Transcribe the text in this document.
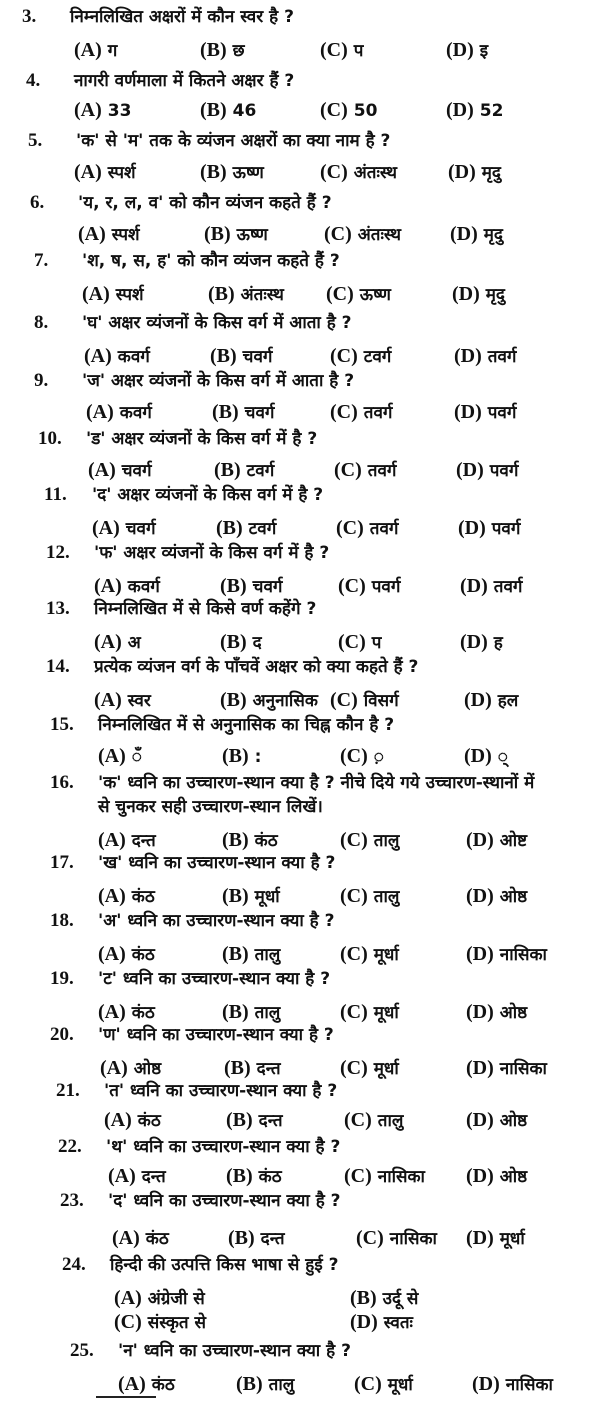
3. निम्नलिखित अक्षरों में कौन स्वर है ?
(A) ग	(B) छ	(C) प	(D) इ
4. नागरी वर्णमाला में कितने अक्षर हैं ?
(A) 33	(B) 46	(C) 50	(D) 52
5. 'क' से 'म' तक के व्यंजन अक्षरों का क्या नाम है ?
(A) स्पर्श	(B) ऊष्ण	(C) अंतःस्थ	(D) मृदु
6. 'य, र, ल, व' को कौन व्यंजन कहते हैं ?
(A) स्पर्श	(B) ऊष्ण	(C) अंतःस्थ (D) मृदु
7. 'श, ष, स, ह' को कौन व्यंजन कहते हैं ?
(A) स्पर्श	(B) अंतःस्थ (C) ऊष्ण	(D) मृदु
8. 'घ' अक्षर व्यंजनों के किस वर्ग में आता है ?
(A) कवर्ग	(B) चवर्ग	(C) टवर्ग	(D) तवर्ग
9. 'ज' अक्षर व्यंजनों के किस वर्ग में आता है ?
(A) कवर्ग	(B) चवर्ग	(C) तवर्ग	(D) पवर्ग
10. 'ड' अक्षर व्यंजनों के किस वर्ग में है ?
(A) चवर्ग	(B) टवर्ग	(C) तवर्ग	(D) पवर्ग
11. 'द' अक्षर व्यंजनों के किस वर्ग में है ?
(A) चवर्ग	(B) टवर्ग	(C) तवर्ग	(D) पवर्ग
12. 'फ' अक्षर व्यंजनों के किस वर्ग में है ?
(A) कवर्ग	(B) चवर्ग	(C) पवर्ग	(D) तवर्ग
13. निम्नलिखित में से किसे वर्ण कहेंगे ?
(A) अ	(B) द	(C) प	(D) ह
14. प्रत्येक व्यंजन वर्ग के पाँचवें अक्षर को क्या कहते हैं ?
(A) स्वर	(B) अनुनासिक (C) विसर्ग	(D) हल
15. निम्नलिखित में से अनुनासिक का चिह्न कौन है ?
(A) ँ	(B) :	(C) ़	(D) ्
16. 'क' ध्वनि का उच्चारण-स्थान क्या है ? नीचे दिये गये उच्चारण-स्थानों में
से चुनकर सही उच्चारण-स्थान लिखें।
(A) दन्त	(B) कंठ	(C) तालु	(D) ओष्ट
17. 'ख' ध्वनि का उच्चारण-स्थान क्या है ?
(A) कंठ	(B) मूर्धा	(C) तालु	(D) ओष्ठ
18. 'अ' ध्वनि का उच्चारण-स्थान क्या है ?
(A) कंठ	(B) तालु	(C) मूर्धा	(D) नासिका
19. 'ट' ध्वनि का उच्चारण-स्थान क्या है ?
(A) कंठ	(B) तालु	(C) मूर्धा	(D) ओष्ठ
20. 'ण' ध्वनि का उच्चारण-स्थान क्या है ?
(A) ओष्ठ	(B) दन्त	(C) मूर्धा	(D) नासिका
21. 'त' ध्वनि का उच्चारण-स्थान क्या है ?
(A) कंठ	(B) दन्त	(C) तालु	(D) ओष्ठ
22. 'थ' ध्वनि का उच्चारण-स्थान क्या है ?
(A) दन्त	(B) कंठ	(C) नासिका (D) ओष्ठ
23. 'द' ध्वनि का उच्चारण-स्थान क्या है ?
(A) कंठ	(B) दन्त	(C) नासिका (D) मूर्धा
24. हिन्दी की उत्पत्ति किस भाषा से हुई ?
(A) अंग्रेजी से	(B) उर्दू से
(C) संस्कृत से	(D) स्वतः
25. 'न' ध्वनि का उच्चारण-स्थान क्या है ?
(A) कंठ	(B) तालु	(C) मूर्धा	(D) नासिका
